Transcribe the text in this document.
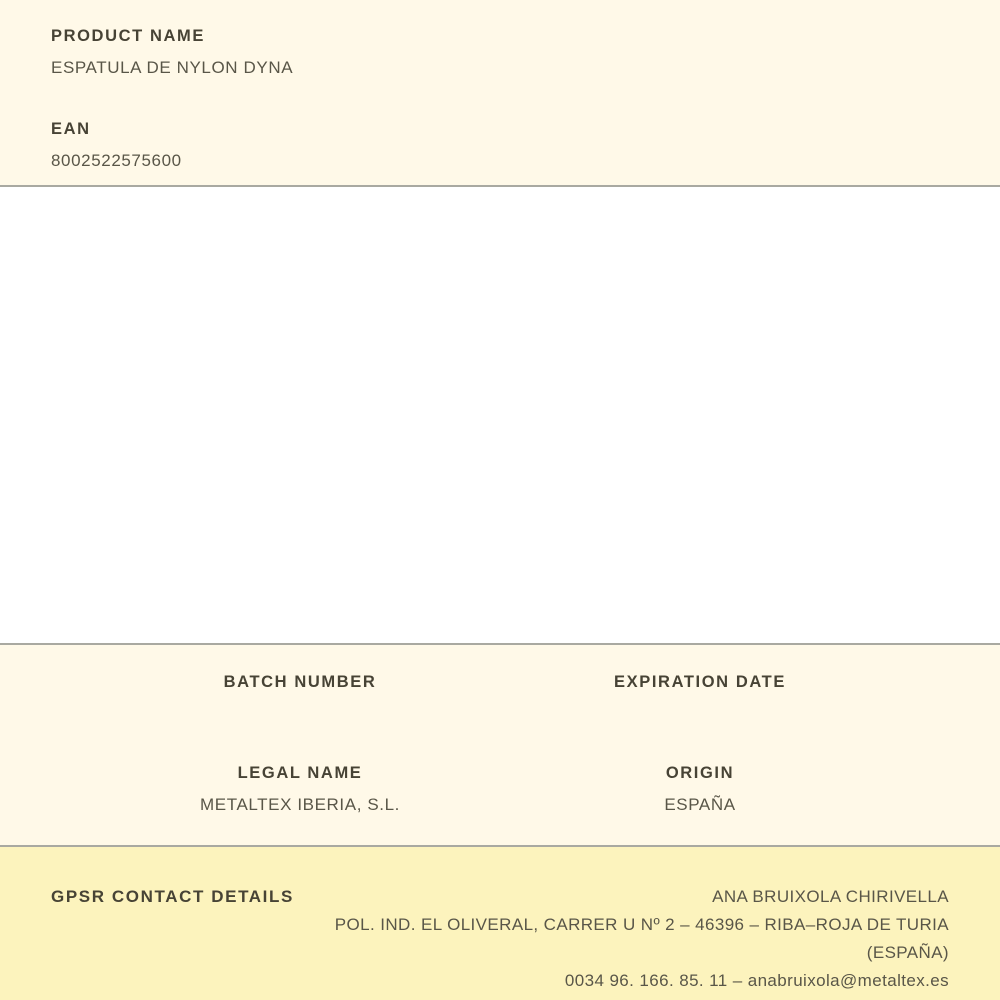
PRODUCT NAME
ESPATULA DE NYLON DYNA
EAN
8002522575600
BATCH NUMBER	EXPIRATION DATE
LEGAL NAME
METALTEX IBERIA, S.L.
ORIGIN
ESPAÑA
GPSR CONTACT DETAILS	ANA BRUIXOLA CHIRIVELLA
POL. IND. EL OLIVERAL, CARRER U Nº 2 – 46396 – RIBA–ROJA DE TURIA (ESPAÑA)
0034 96. 166. 85. 11 – anabruixola@metaltex.es
